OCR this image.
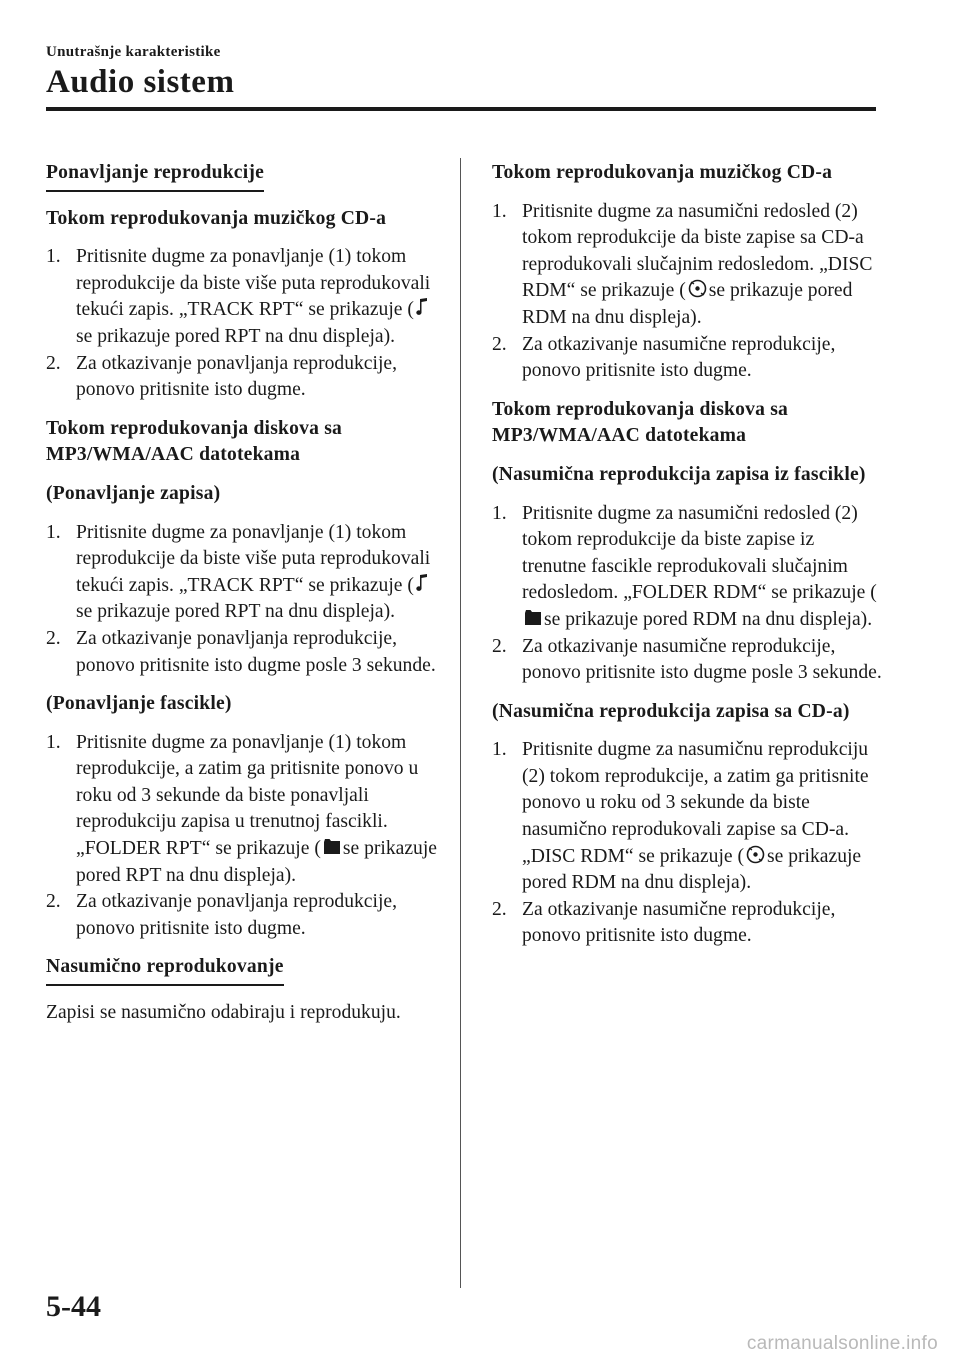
Unutrašnje karakteristike
Audio sistem
Ponavljanje reprodukcije
Tokom reprodukovanja muzičkog CD-a
1. Pritisnite dugme za ponavljanje (1) tokom reprodukcije da biste više puta reprodukovali tekući zapis. „TRACK RPT“ se prikazuje (se prikazuje pored RPT na dnu displeja).
2. Za otkazivanje ponavljanja reprodukcije, ponovo pritisnite isto dugme.
Tokom reprodukovanja diskova sa
MP3/WMA/AAC datotekama
(Ponavljanje zapisa)
1. Pritisnite dugme za ponavljanje (1) tokom reprodukcije da biste više puta reprodukovali tekući zapis. „TRACK RPT“ se prikazuje (se prikazuje pored RPT na dnu displeja).
2. Za otkazivanje ponavljanja reprodukcije, ponovo pritisnite isto dugme posle 3 sekunde.
(Ponavljanje fascikle)
1. Pritisnite dugme za ponavljanje (1) tokom reprodukcije, a zatim ga pritisnite ponovo u roku od 3 sekunde da biste ponavljali reprodukciju zapisa u trenutnoj fascikli. „FOLDER RPT“ se prikazuje ( se prikazuje pored RPT na dnu displeja).
2. Za otkazivanje ponavljanja reprodukcije, ponovo pritisnite isto dugme.
Nasumično reprodukovanje
Zapisi se nasumično odabiraju i reprodukuju.
Tokom reprodukovanja muzičkog CD-a
1. Pritisnite dugme za nasumični redosled (2) tokom reprodukcije da biste zapise sa CD-a reprodukovali slučajnim redosledom. „DISC RDM“ se prikazuje ( se prikazuje pored RDM na dnu displeja).
2. Za otkazivanje nasumične reprodukcije, ponovo pritisnite isto dugme.
Tokom reprodukovanja diskova sa
MP3/WMA/AAC datotekama
(Nasumična reprodukcija zapisa iz fascikle)
1. Pritisnite dugme za nasumični redosled (2) tokom reprodukcije da biste zapise iz trenutne fascikle reprodukovali slučajnim redosledom. „FOLDER RDM“ se prikazuje (se prikazuje pored RDM na dnu displeja).
2. Za otkazivanje nasumične reprodukcije, ponovo pritisnite isto dugme posle 3 sekunde.
(Nasumična reprodukcija zapisa sa CD-a)
1. Pritisnite dugme za nasumičnu reprodukciju (2) tokom reprodukcije, a zatim ga pritisnite ponovo u roku od 3 sekunde da biste nasumično reprodukovali zapise sa CD-a. „DISC RDM“ se prikazuje ( se prikazuje pored RDM na dnu displeja).
2. Za otkazivanje nasumične reprodukcije, ponovo pritisnite isto dugme.
5-44
carmanualsonline.info
